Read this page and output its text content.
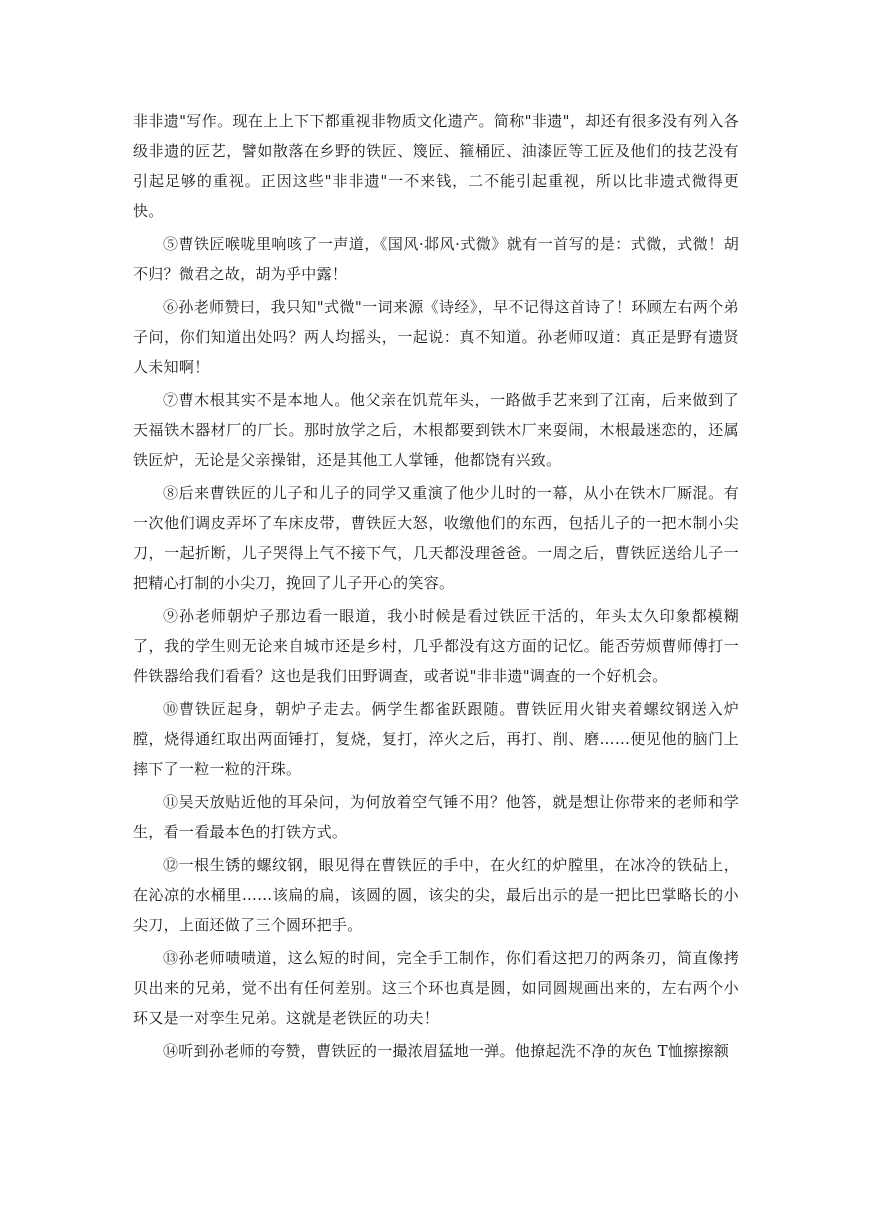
非非遗"写作。现在上上下下都重视非物质文化遗产。简称"非遗"，却还有很多没有列入各级非遗的匠艺，譬如散落在乡野的铁匠、篾匠、箍桶匠、油漆匠等工匠及他们的技艺没有引起足够的重视。正因这些"非非遗"一不来钱，二不能引起重视，所以比非遗式微得更快。

⑤曹铁匠喉咙里响咳了一声道，《国风·邶风·式微》就有一首写的是：式微，式微！胡不归？微君之故，胡为乎中露！

⑥孙老师赞曰，我只知"式微"一词来源《诗经》，早不记得这首诗了！环顾左右两个弟子问，你们知道出处吗？两人均摇头，一起说：真不知道。孙老师叹道：真正是野有遗贤人未知啊！

⑦曹木根其实不是本地人。他父亲在饥荒年头，一路做手艺来到了江南，后来做到了天福铁木器材厂的厂长。那时放学之后，木根都要到铁木厂来耍闹，木根最迷恋的，还属铁匠炉，无论是父亲操钳，还是其他工人掌锤，他都饶有兴致。

⑧后来曹铁匠的儿子和儿子的同学又重演了他少儿时的一幕，从小在铁木厂厮混。有一次他们调皮弄坏了车床皮带，曹铁匠大怒，收缴他们的东西，包括儿子的一把木制小尖刀，一起折断，儿子哭得上气不接下气，几天都没理爸爸。一周之后，曹铁匠送给儿子一把精心打制的小尖刀，挽回了儿子开心的笑容。

⑨孙老师朝炉子那边看一眼道，我小时候是看过铁匠干活的，年头太久印象都模糊了，我的学生则无论来自城市还是乡村，几乎都没有这方面的记忆。能否劳烦曹师傅打一件铁器给我们看看？这也是我们田野调查，或者说"非非遗"调查的一个好机会。

⑩曹铁匠起身，朝炉子走去。俩学生都雀跃跟随。曹铁匠用火钳夹着螺纹钢送入炉膛，烧得通红取出两面锤打，复烧，复打，淬火之后，再打、削、磨……便见他的脑门上摔下了一粒一粒的汗珠。

⑪吴天放贴近他的耳朵问，为何放着空气锤不用？他答，就是想让你带来的老师和学生，看一看最本色的打铁方式。

⑫一根生锈的螺纹钢，眼见得在曹铁匠的手中，在火红的炉膛里，在冰冷的铁砧上，在沁凉的水桶里……该扁的扁，该圆的圆，该尖的尖，最后出示的是一把比巴掌略长的小尖刀，上面还做了三个圆环把手。

⑬孙老师啧啧道，这么短的时间，完全手工制作，你们看这把刀的两条刃，简直像拷贝出来的兄弟，觉不出有任何差别。这三个环也真是圆，如同圆规画出来的，左右两个小环又是一对孪生兄弟。这就是老铁匠的功夫！

⑭听到孙老师的夸赞，曹铁匠的一撮浓眉猛地一弹。他撩起洗不净的灰色 T恤擦擦额
